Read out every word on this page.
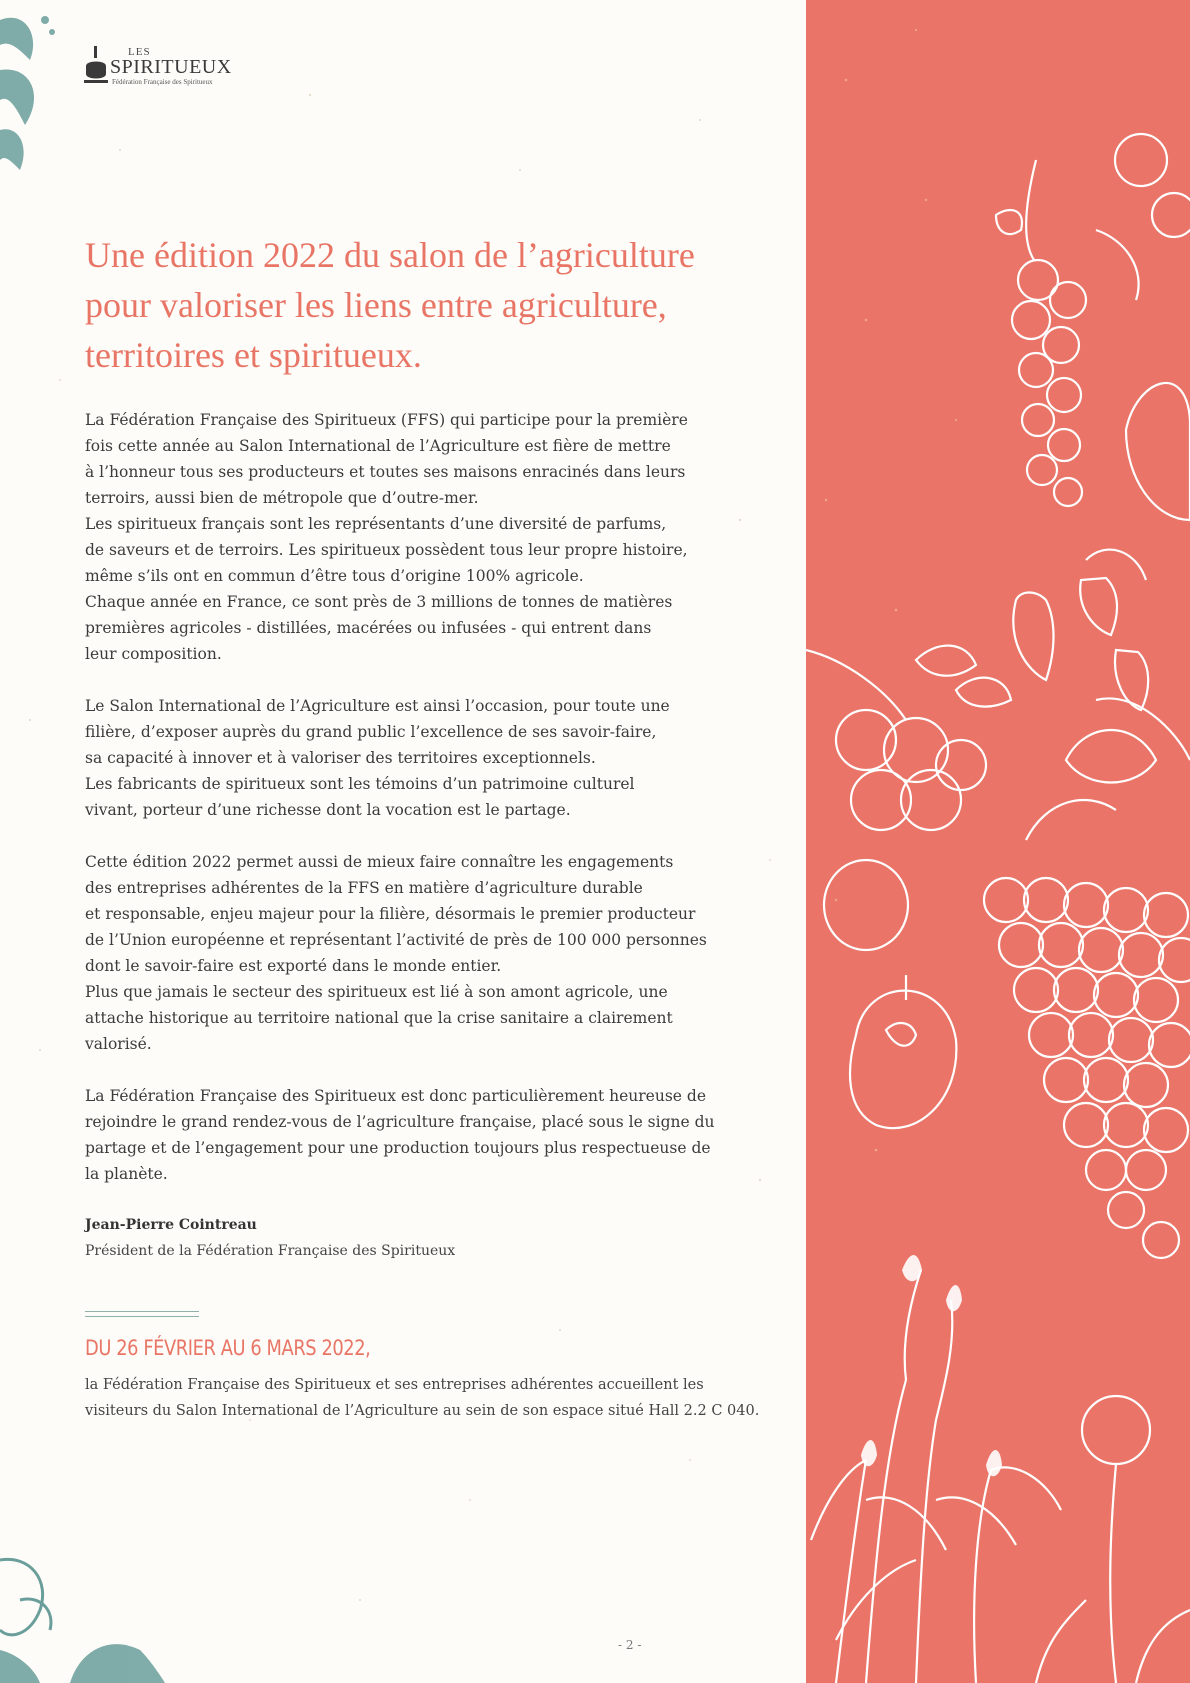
LES
SPIRITUEUX
Fédération Française des Spiritueux
Une édition 2022 du salon de l’agriculture
pour valoriser les liens entre agriculture,
territoires et spiritueux.

La Fédération Française des Spiritueux (FFS) qui participe pour la première
fois cette année au Salon International de l’Agriculture est fière de mettre
à l’honneur tous ses producteurs et toutes ses maisons enracinés dans leurs
terroirs, aussi bien de métropole que d’outre-mer.
Les spiritueux français sont les représentants d’une diversité de parfums,
de saveurs et de terroirs. Les spiritueux possèdent tous leur propre histoire,
même s’ils ont en commun d’être tous d’origine 100% agricole.
Chaque année en France, ce sont près de 3 millions de tonnes de matières
premières agricoles - distillées, macérées ou infusées - qui entrent dans
leur composition.

Le Salon International de l’Agriculture est ainsi l’occasion, pour toute une
filière, d’exposer auprès du grand public l’excellence de ses savoir-faire,
sa capacité à innover et à valoriser des territoires exceptionnels.
Les fabricants de spiritueux sont les témoins d’un patrimoine culturel
vivant, porteur d’une richesse dont la vocation est le partage.

Cette édition 2022 permet aussi de mieux faire connaître les engagements
des entreprises adhérentes de la FFS en matière d’agriculture durable
et responsable, enjeu majeur pour la filière, désormais le premier producteur
de l’Union européenne et représentant l’activité de près de 100 000 personnes
dont le savoir-faire est exporté dans le monde entier.
Plus que jamais le secteur des spiritueux est lié à son amont agricole, une
attache historique au territoire national que la crise sanitaire a clairement
valorisé.

La Fédération Française des Spiritueux est donc particulièrement heureuse de
rejoindre le grand rendez-vous de l’agriculture française, placé sous le signe du
partage et de l’engagement pour une production toujours plus respectueuse de
la planète.

Jean-Pierre Cointreau
Président de la Fédération Française des Spiritueux
DU 26 FÉVRIER AU 6 MARS 2022,
la Fédération Française des Spiritueux et ses entreprises adhérentes accueillent les
visiteurs du Salon International de l’Agriculture au sein de son espace situé Hall 2.2 C 040.
- 2 -
